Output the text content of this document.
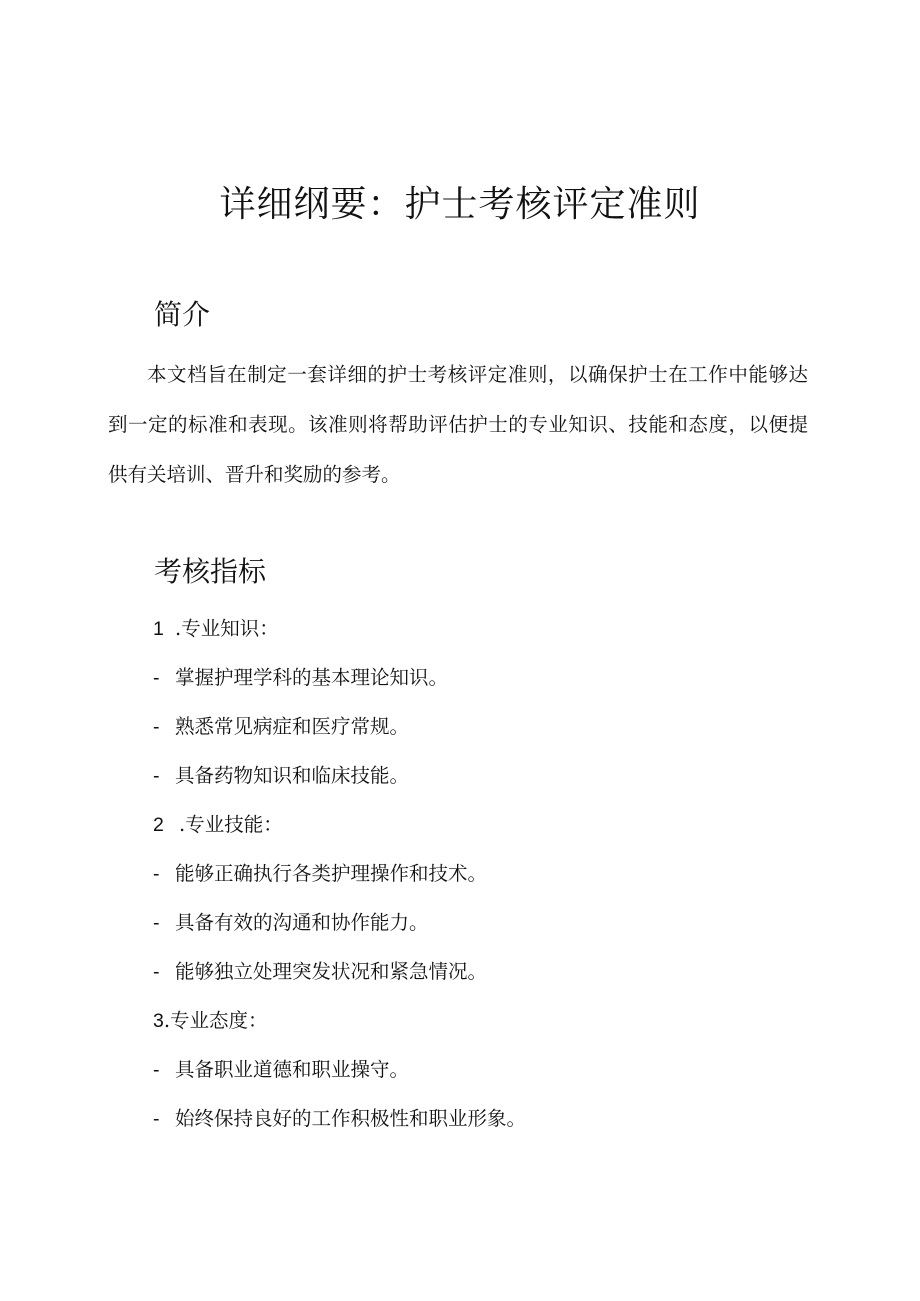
详细纲要：护士考核评定准则
简介

本文档旨在制定一套详细的护士考核评定准则，以确保护士在工作中能够达到一定的标准和表现。该准则将帮助评估护士的专业知识、技能和态度，以便提供有关培训、晋升和奖励的参考。

考核指标
1 .专业知识：
- 掌握护理学科的基本理论知识。
- 熟悉常见病症和医疗常规。
- 具备药物知识和临床技能。
2 .专业技能：
- 能够正确执行各类护理操作和技术。
- 具备有效的沟通和协作能力。
- 能够独立处理突发状况和紧急情况。
3.专业态度：
- 具备职业道德和职业操守。
- 始终保持良好的工作积极性和职业形象。
